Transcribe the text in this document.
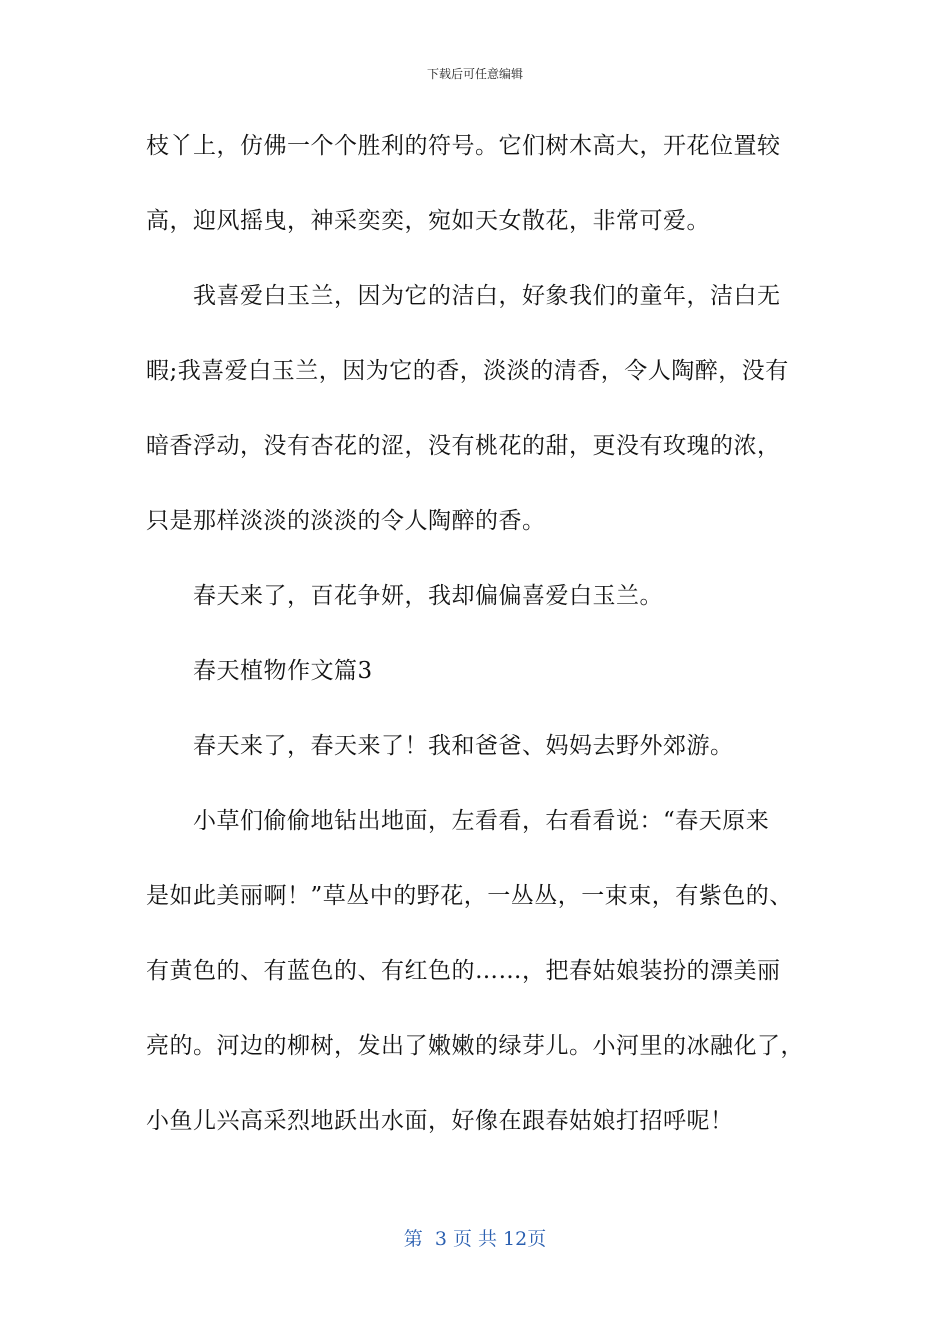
下载后可任意编辑
枝丫上，仿佛一个个胜利的符号。它们树木高大，开花位置较
高，迎风摇曳，神采奕奕，宛如天女散花，非常可爱。
我喜爱白玉兰，因为它的洁白，好象我们的童年，洁白无
暇;我喜爱白玉兰，因为它的香，淡淡的清香，令人陶醉，没有
暗香浮动，没有杏花的涩，没有桃花的甜，更没有玫瑰的浓，
只是那样淡淡的淡淡的令人陶醉的香。
春天来了，百花争妍，我却偏偏喜爱白玉兰。
春天植物作文篇3
春天来了，春天来了！我和爸爸、妈妈去野外郊游。
小草们偷偷地钻出地面，左看看，右看看说：“春天原来
是如此美丽啊！”草丛中的野花，一丛丛，一束束，有紫色的、
有黄色的、有蓝色的、有红色的……，把春姑娘装扮的漂美丽
亮的。河边的柳树，发出了嫩嫩的绿芽儿。小河里的冰融化了，
小鱼儿兴高采烈地跃出水面，好像在跟春姑娘打招呼呢！
第  3 页 共 12页
